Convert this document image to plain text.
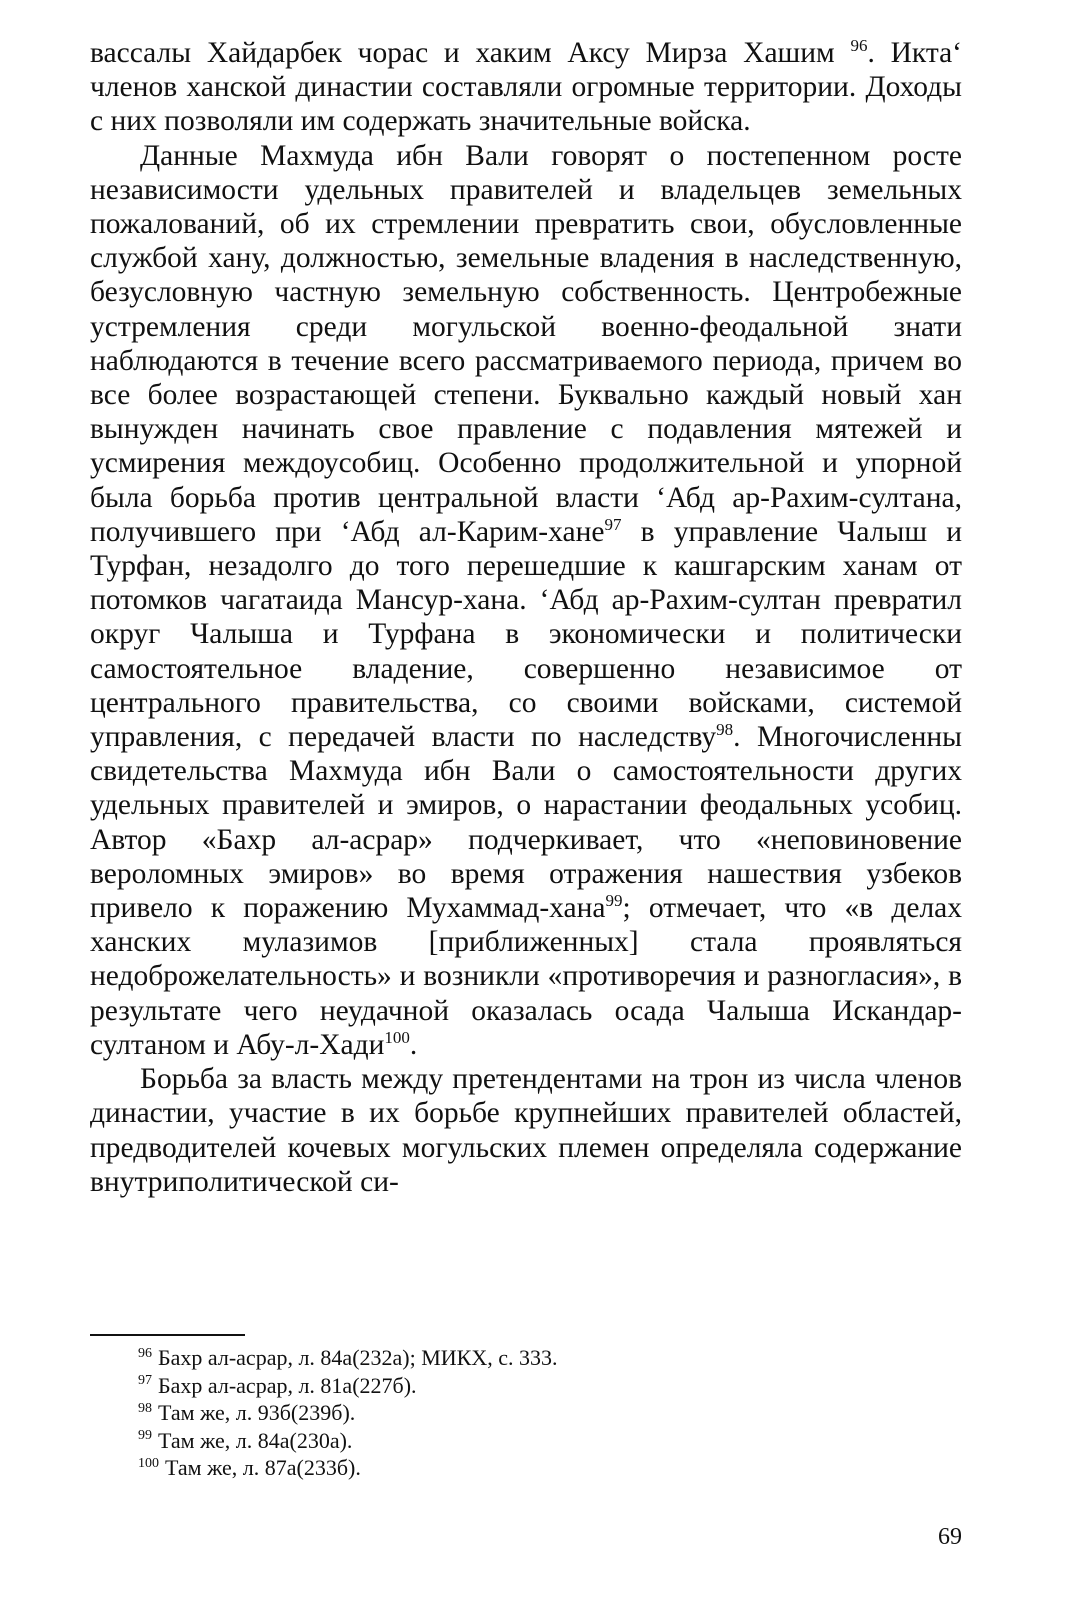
вассалы Хайдарбек чорас и хаким Аксу Мирза Хашим $^{96}$. Икта‘ членов ханской династии составляли огромные территории. Доходы с них позволяли им содержать значительные войска.

Данные Махмуда ибн Вали говорят о постепенном росте независимости удельных правителей и владельцев земельных пожалований, об их стремлении превратить свои, обусловленные службой хану, должностью, земельные владения в наследственную, безусловную частную земельную собственность. Центробежные устремления среди могульской военно-феодальной знати наблюдаются в течение всего рассматриваемого периода, причем во все более возрастающей степени. Буквально каждый новый хан вынужден начинать свое правление с подавления мятежей и усмирения междоусобиц. Особенно продолжительной и упорной была борьба против центральной власти ‘Абд ар-Рахим-султана, получившего при ‘Абд ал-Карим-хане$^{97}$ в управление Чалыш и Турфан, незадолго до того перешедшие к кашгарским ханам от потомков чагатаида Мансур-хана. ‘Абд ар-Рахим-султан превратил округ Чалыша и Турфана в экономически и политически самостоятельное владение, совершенно независимое от центрального правительства, со своими войсками, системой управления, с передачей власти по наследству$^{98}$. Многочисленны свидетельства Махмуда ибн Вали о самостоятельности других удельных правителей и эмиров, о нарастании феодальных усобиц. Автор «Бахр ал-асрар» подчеркивает, что «неповиновение вероломных эмиров» во время отражения нашествия узбеков привело к поражению Мухаммад-хана$^{99}$; отмечает, что «в делах ханских мулазимов [приближенных] стала проявляться недоброжелательность» и возникли «противоречия и разногласия», в результате чего неудачной оказалась осада Чалыша Искандар-султаном и Абу-л-Хади$^{100}$.

Борьба за власть между претендентами на трон из числа членов династии, участие в их борьбе крупнейших правителей областей, предводителей кочевых могульских племен определяла содержание внутриполитической си-

$^{96}$ Бахр ал-асрар, л. 84а(232а); МИКХ, с. 333.
$^{97}$ Бахр ал-асрар, л. 81а(227б).
$^{98}$ Там же, л. 93б(239б).
$^{99}$ Там же, л. 84а(230а).
$^{100}$ Там же, л. 87а(233б).
69
